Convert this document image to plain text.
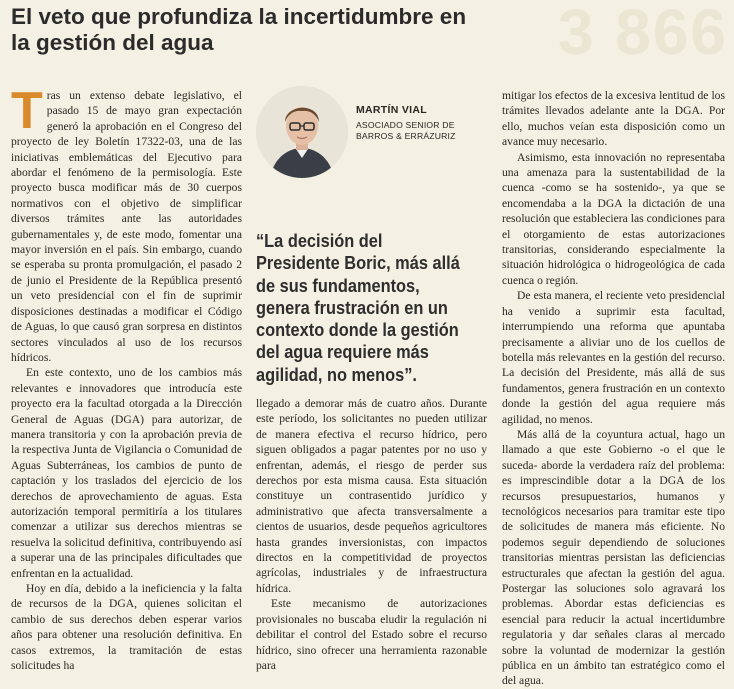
3 866
El veto que profundiza la incertidumbre en la gestión del agua

Tras un extenso debate legislativo, el pasado 15 de mayo gran expectación generó la aprobación en el Congreso del proyecto de ley Boletín 17322-03, una de las iniciativas emblemáticas del Ejecutivo para abordar el fenómeno de la permisología. Este proyecto busca modificar más de 30 cuerpos normativos con el objetivo de simplificar diversos trámites ante las autoridades gubernamentales y, de este modo, fomentar una mayor inversión en el país. Sin embargo, cuando se esperaba su pronta promulgación, el pasado 2 de junio el Presidente de la República presentó un veto presidencial con el fin de suprimir disposiciones destinadas a modificar el Código de Aguas, lo que causó gran sorpresa en distintos sectores vinculados al uso de los recursos hídricos.

En este contexto, uno de los cambios más relevantes e innovadores que introducía este proyecto era la facultad otorgada a la Dirección General de Aguas (DGA) para autorizar, de manera transitoria y con la aprobación previa de la respectiva Junta de Vigilancia o Comunidad de Aguas Subterráneas, los cambios de punto de captación y los traslados del ejercicio de los derechos de aprovechamiento de aguas. Esta autorización temporal permitiría a los titulares comenzar a utilizar sus derechos mientras se resuelva la solicitud definitiva, contribuyendo así a superar una de las principales dificultades que enfrentan en la actualidad.

Hoy en día, debido a la ineficiencia y la falta de recursos de la DGA, quienes solicitan el cambio de sus derechos deben esperar varios años para obtener una resolución definitiva. En casos extremos, la tramitación de estas solicitudes ha

MARTÍN VIAL
ASOCIADO SENIOR DE
BARROS & ERRÁZURIZ
“La decisión del Presidente Boric, más allá de sus fundamentos, genera frustración en un contexto donde la gestión del agua requiere más agilidad, no menos”.

llegado a demorar más de cuatro años. Durante este período, los solicitantes no pueden utilizar de manera efectiva el recurso hídrico, pero siguen obligados a pagar patentes por no uso y enfrentan, además, el riesgo de perder sus derechos por esta misma causa. Esta situación constituye un contrasentido jurídico y administrativo que afecta transversalmente a cientos de usuarios, desde pequeños agricultores hasta grandes inversionistas, con impactos directos en la competitividad de proyectos agrícolas, industriales y de infraestructura hídrica.

Este mecanismo de autorizaciones provisionales no buscaba eludir la regulación ni debilitar el control del Estado sobre el recurso hídrico, sino ofrecer una herramienta razonable para

mitigar los efectos de la excesiva lentitud de los trámites llevados adelante ante la DGA. Por ello, muchos veían esta disposición como un avance muy necesario.

Asimismo, esta innovación no representaba una amenaza para la sustentabilidad de la cuenca -como se ha sostenido-, ya que se encomendaba a la DGA la dictación de una resolución que estableciera las condiciones para el otorgamiento de estas autorizaciones transitorias, considerando especialmente la situación hidrológica o hidrogeológica de cada cuenca o región.

De esta manera, el reciente veto presidencial ha venido a suprimir esta facultad, interrumpiendo una reforma que apuntaba precisamente a aliviar uno de los cuellos de botella más relevantes en la gestión del recurso. La decisión del Presidente, más allá de sus fundamentos, genera frustración en un contexto donde la gestión del agua requiere más agilidad, no menos.

Más allá de la coyuntura actual, hago un llamado a que este Gobierno -o el que le suceda- aborde la verdadera raíz del problema: es imprescindible dotar a la DGA de los recursos presupuestarios, humanos y tecnológicos necesarios para tramitar este tipo de solicitudes de manera más eficiente. No podemos seguir dependiendo de soluciones transitorias mientras persistan las deficiencias estructurales que afectan la gestión del agua. Postergar las soluciones solo agravará los problemas. Abordar estas deficiencias es esencial para reducir la actual incertidumbre regulatoria y dar señales claras al mercado sobre la voluntad de modernizar la gestión pública en un ámbito tan estratégico como el del agua.
